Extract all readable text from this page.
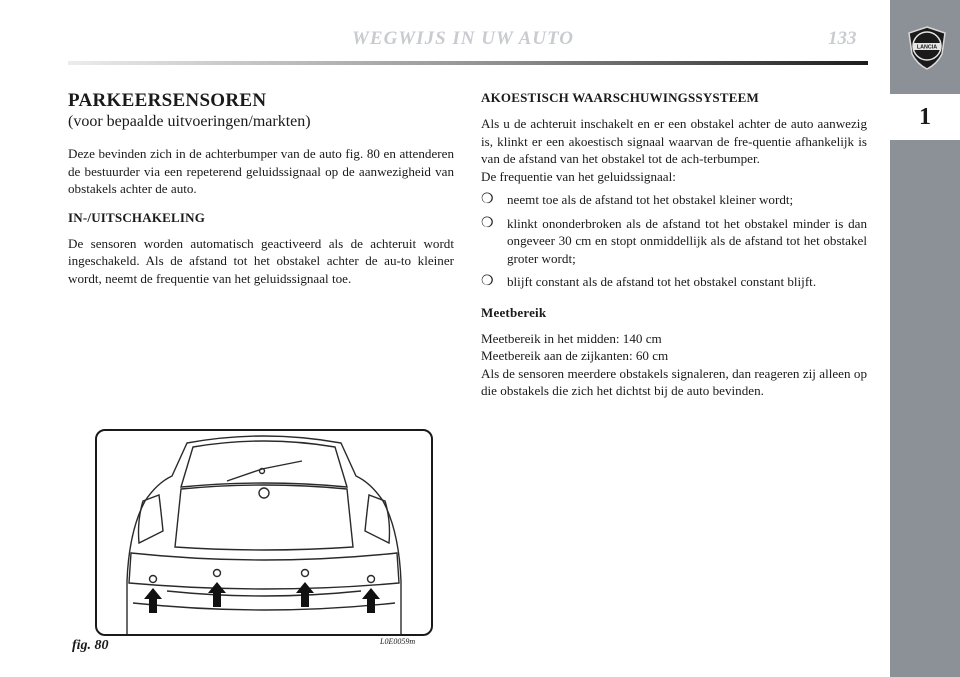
WEGWIJS IN UW AUTO	133	LANCIA
1
PARKEERSENSOREN
(voor bepaalde uitvoeringen/markten)

Deze bevinden zich in de achterbumper van de auto fig. 80 en attenderen de bestuurder via een repeterend geluidssignaal op de aanwezigheid van obstakels achter de auto.

IN-/UITSCHAKELING

De sensoren worden automatisch geactiveerd als de achteruit wordt ingeschakeld. Als de afstand tot het obstakel achter de au-to kleiner wordt, neemt de frequentie van het geluidssignaal toe.

AKOESTISCH WAARSCHUWINGSSYSTEEM

Als u de achteruit inschakelt en er een obstakel achter de auto aanwezig is, klinkt er een akoestisch signaal waarvan de fre-quentie afhankelijk is van de afstand van het obstakel tot de ach-terbumper.

De frequentie van het geluidssignaal:

❍ neemt toe als de afstand tot het obstakel kleiner wordt;
❍ klinkt ononderbroken als de afstand tot het obstakel minder is dan ongeveer 30 cm en stopt onmiddellijk als de afstand tot het obstakel groter wordt;
❍ blijft constant als de afstand tot het obstakel constant blijft.
Meetbereik

Meetbereik in het midden: 140 cm

Meetbereik aan de zijkanten: 60 cm

Als de sensoren meerdere obstakels signaleren, dan reageren zij alleen op die obstakels die zich het dichtst bij de auto bevinden.

fig. 80	L0E0059m
